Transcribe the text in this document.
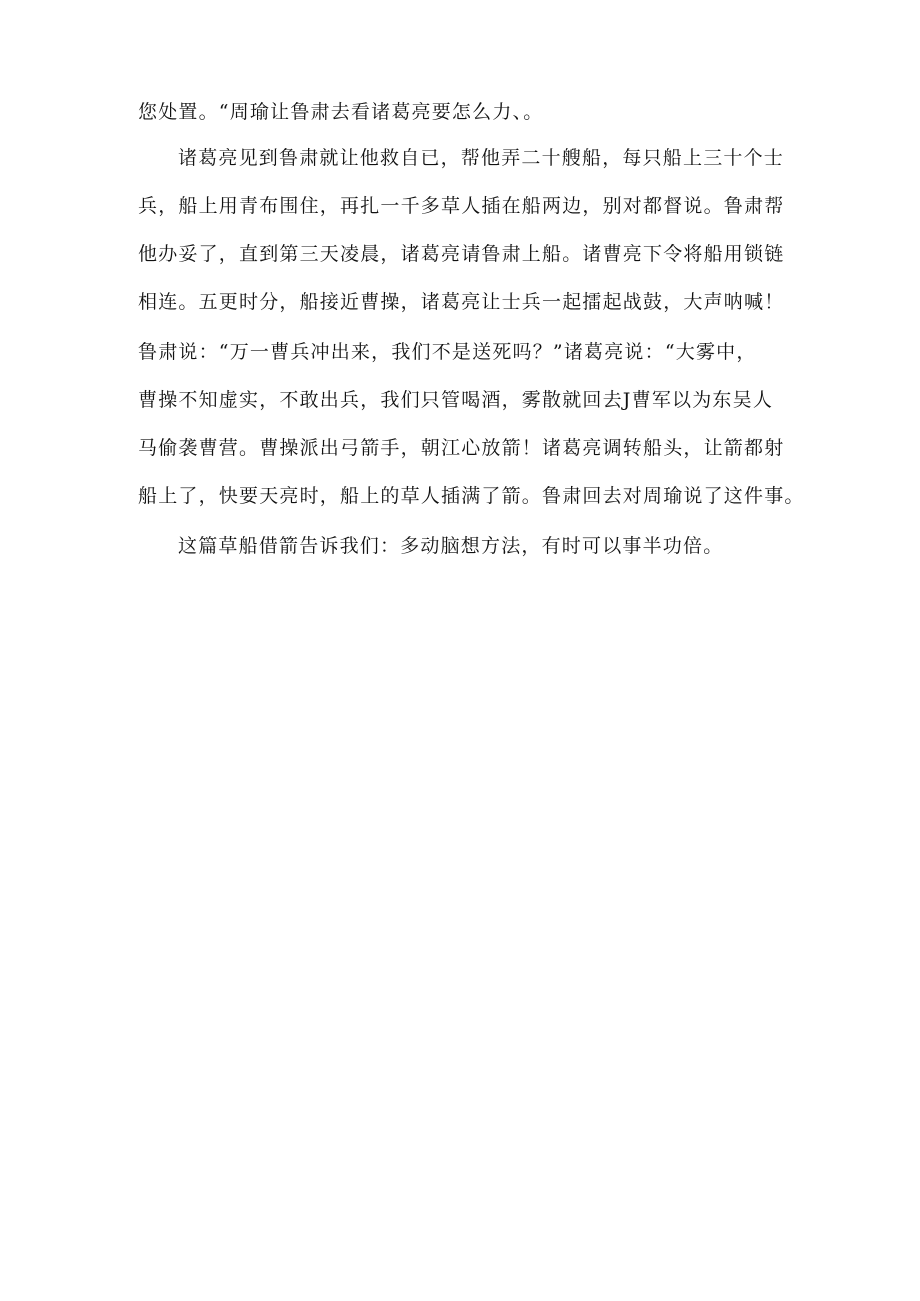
您处置。“周瑜让鲁肃去看诸葛亮要怎么力、。
诸葛亮见到鲁肃就让他救自已，帮他弄二十艘船，每只船上三十个士
兵，船上用青布围住，再扎一千多草人插在船两边，别对都督说。鲁肃帮
他办妥了，直到第三天凌晨，诸葛亮请鲁肃上船。诸曹亮下令将船用锁链
相连。五更时分，船接近曹操，诸葛亮让士兵一起擂起战鼓，大声呐喊！
鲁肃说：“万一曹兵冲出来，我们不是送死吗？”诸葛亮说：“大雾中，
曹操不知虚实，不敢出兵，我们只管喝酒，雾散就回去J曹军以为东吴人
马偷袭曹营。曹操派出弓箭手，朝江心放箭！诸葛亮调转船头，让箭都射
船上了，快要天亮时，船上的草人插满了箭。鲁肃回去对周瑜说了这件事。
这篇草船借箭告诉我们：多动脑想方法，有时可以事半功倍。
